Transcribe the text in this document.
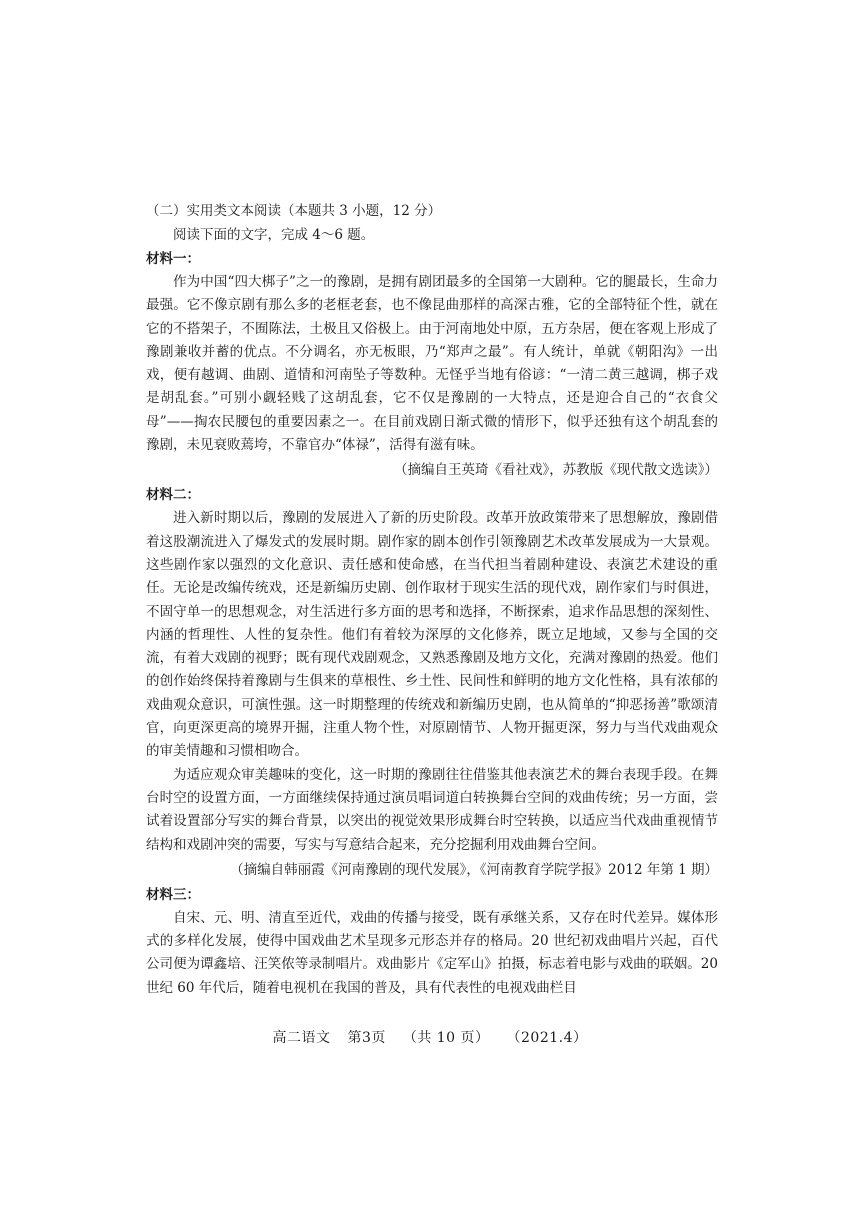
（二）实用类文本阅读（本题共 3 小题，12 分）

阅读下面的文字，完成 4～6 题。

材料一：

作为中国“四大梆子”之一的豫剧，是拥有剧团最多的全国第一大剧种。它的腿最长，生命力最强。它不像京剧有那么多的老框老套，也不像昆曲那样的高深古雅，它的全部特征个性，就在它的不搭架子，不囿陈法，土极且又俗极上。由于河南地处中原，五方杂居，便在客观上形成了豫剧兼收并蓄的优点。不分调名，亦无板眼，乃“郑声之最”。有人统计，单就《朝阳沟》一出戏，便有越调、曲剧、道情和河南坠子等数种。无怪乎当地有俗谚：“一清二黄三越调，梆子戏是胡乱套。”可别小觑轻贱了这胡乱套，它不仅是豫剧的一大特点，还是迎合自己的“衣食父母”——掏农民腰包的重要因素之一。在目前戏剧日渐式微的情形下，似乎还独有这个胡乱套的豫剧，未见衰败蔫垮，不靠官办“体禄”，活得有滋有味。

（摘编自王英琦《看社戏》，苏教版《现代散文选读》）

材料二：

进入新时期以后，豫剧的发展进入了新的历史阶段。改革开放政策带来了思想解放，豫剧借着这股潮流进入了爆发式的发展时期。剧作家的剧本创作引领豫剧艺术改革发展成为一大景观。这些剧作家以强烈的文化意识、责任感和使命感，在当代担当着剧种建设、表演艺术建设的重任。无论是改编传统戏，还是新编历史剧、创作取材于现实生活的现代戏，剧作家们与时俱进，不固守单一的思想观念，对生活进行多方面的思考和选择，不断探索，追求作品思想的深刻性、内涵的哲理性、人性的复杂性。他们有着较为深厚的文化修养，既立足地域，又参与全国的交流，有着大戏剧的视野；既有现代戏剧观念，又熟悉豫剧及地方文化，充满对豫剧的热爱。他们的创作始终保持着豫剧与生俱来的草根性、乡土性、民间性和鲜明的地方文化性格，具有浓郁的戏曲观众意识，可演性强。这一时期整理的传统戏和新编历史剧，也从简单的“抑恶扬善”歌颂清官，向更深更高的境界开掘，注重人物个性，对原剧情节、人物开掘更深，努力与当代戏曲观众的审美情趣和习惯相吻合。

为适应观众审美趣味的变化，这一时期的豫剧往往借鉴其他表演艺术的舞台表现手段。在舞台时空的设置方面，一方面继续保持通过演员唱词道白转换舞台空间的戏曲传统；另一方面，尝试着设置部分写实的舞台背景，以突出的视觉效果形成舞台时空转换，以适应当代戏曲重视情节结构和戏剧冲突的需要，写实与写意结合起来，充分挖掘利用戏曲舞台空间。

（摘编自韩丽霞《河南豫剧的现代发展》，《河南教育学院学报》2012 年第 1 期）

材料三：

自宋、元、明、清直至近代，戏曲的传播与接受，既有承继关系，又存在时代差异。媒体形式的多样化发展，使得中国戏曲艺术呈现多元形态并存的格局。20 世纪初戏曲唱片兴起，百代公司便为谭鑫培、汪笑侬等录制唱片。戏曲影片《定军山》拍摄，标志着电影与戏曲的联姻。20 世纪 60 年代后，随着电视机在我国的普及，具有代表性的电视戏曲栏目

高二语文 第3页 （共 10 页） （2021.4）
